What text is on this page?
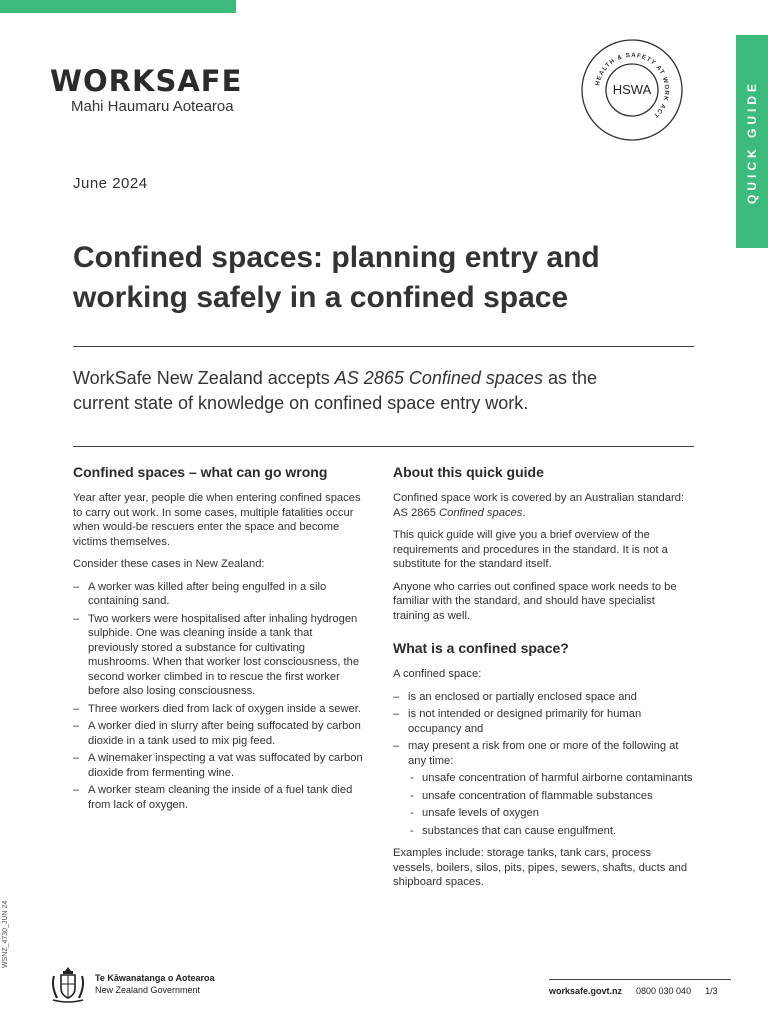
WORKSAFE
Mahi Haumaru Aotearoa
HEALTH & SAFETY AT WORK ACT
HSWA	QUICK GUIDE
June 2024
Confined spaces: planning entry and working safely in a confined space
WorkSafe New Zealand accepts AS 2865 Confined spaces as the current state of knowledge on confined space entry work.
Confined spaces – what can go wrong

Year after year, people die when entering confined spaces to carry out work. In some cases, multiple fatalities occur when would-be rescuers enter the space and become victims themselves.

Consider these cases in New Zealand:

– A worker was killed after being engulfed in a silo containing sand.
– Two workers were hospitalised after inhaling hydrogen sulphide. One was cleaning inside a tank that previously stored a substance for cultivating mushrooms. When that worker lost consciousness, the second worker climbed in to rescue the first worker before also losing consciousness.
– Three workers died from lack of oxygen inside a sewer.
– A worker died in slurry after being suffocated by carbon dioxide in a tank used to mix pig feed.
– A winemaker inspecting a vat was suffocated by carbon dioxide from fermenting wine.
– A worker steam cleaning the inside of a fuel tank died from lack of oxygen.
About this quick guide

Confined space work is covered by an Australian standard: AS 2865 Confined spaces.

This quick guide will give you a brief overview of the requirements and procedures in the standard. It is not a substitute for the standard itself.

Anyone who carries out confined space work needs to be familiar with the standard, and should have specialist training as well.

What is a confined space?

A confined space:

– is an enclosed or partially enclosed space and
– is not intended or designed primarily for human occupancy and
– may present a risk from one or more of the following at any time:
- unsafe concentration of harmful airborne contaminants
- unsafe concentration of flammable substances
- unsafe levels of oxygen
- substances that can cause engulfment.

Examples include: storage tanks, tank cars, process vessels, boilers, silos, pits, pipes, sewers, shafts, ducts and shipboard spaces.

WSNZ_4730_JUN 24
Te Kāwanatanga o Aotearoa
New Zealand Government	worksafe.govt.nz 0800 030 040 1/3
